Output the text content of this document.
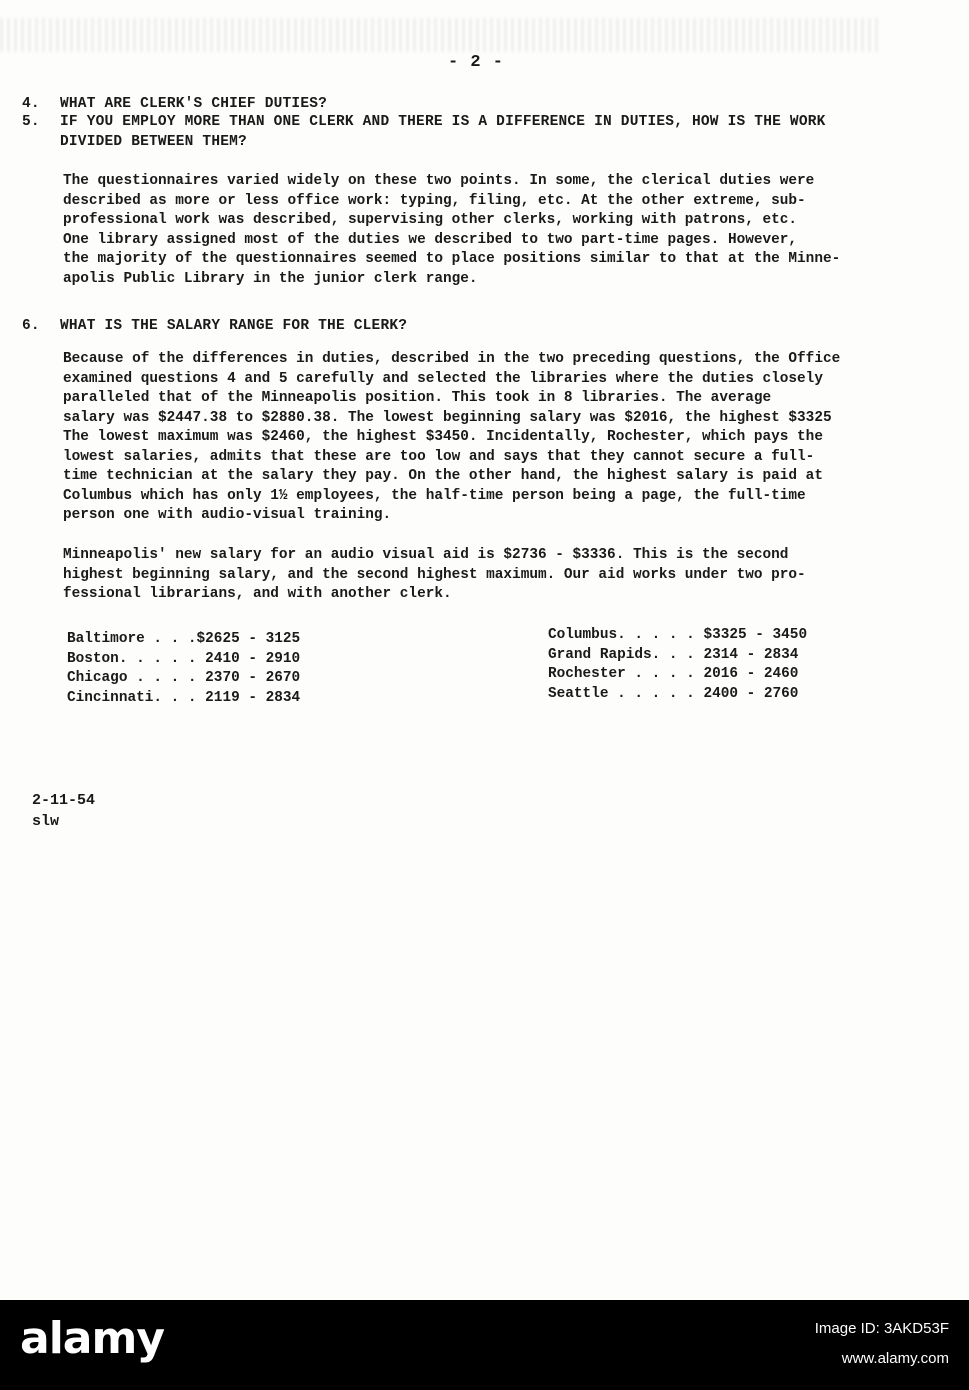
- 2 -
4. WHAT ARE CLERK'S CHIEF DUTIES?
5. IF YOU EMPLOY MORE THAN ONE CLERK AND THERE IS A DIFFERENCE IN DUTIES, HOW IS THE WORK
DIVIDED BETWEEN THEM?
The questionnaires varied widely on these two points. In some, the clerical duties were
described as more or less office work: typing, filing, etc. At the other extreme, sub-
professional work was described, supervising other clerks, working with patrons, etc.
One library assigned most of the duties we described to two part-time pages. However,
the majority of the questionnaires seemed to place positions similar to that at the Minne-
apolis Public Library in the junior clerk range.
6. WHAT IS THE SALARY RANGE FOR THE CLERK?
Because of the differences in duties, described in the two preceding questions, the Office
examined questions 4 and 5 carefully and selected the libraries where the duties closely
paralleled that of the Minneapolis position. This took in 8 libraries. The average
salary was $2447.38 to $2880.38. The lowest beginning salary was $2016, the highest $3325
The lowest maximum was $2460, the highest $3450. Incidentally, Rochester, which pays the
lowest salaries, admits that these are too low and says that they cannot secure a full-
time technician at the salary they pay. On the other hand, the highest salary is paid at
Columbus which has only 1½ employees, the half-time person being a page, the full-time
person one with audio-visual training.
Minneapolis' new salary for an audio visual aid is $2736 - $3336. This is the second
highest beginning salary, and the second highest maximum. Our aid works under two pro-
fessional librarians, and with another clerk.
Baltimore . . .$2625 - 3125
Boston. . . . . 2410 - 2910
Chicago . . . . 2370 - 2670
Cincinnati. . . 2119 - 2834
Columbus. . . . . $3325 - 3450
Grand Rapids. . . 2314 - 2834
Rochester . . . . 2016 - 2460
Seattle . . . . . 2400 - 2760
2-11-54
slw
alamy	Image ID: 3AKD53F
www.alamy.com
